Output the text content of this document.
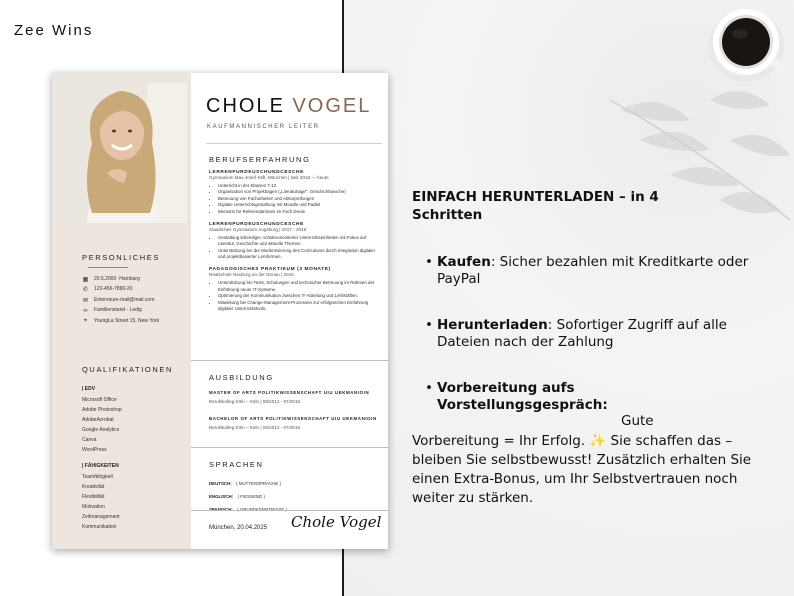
Zee Wins
PERSONLICHES
▦ 20.5.2000 -Hamburg
✆ 123-456-7890-20
✉ Entervoure-mail@mail.com
∞ Familienstand - Ledig
⌖	YoungLa Street 15, New York
QUALIFIKATIONEN
| EDV
Microsoft Office
Adobe Photoshop
AdobeAcrobat
Google Analytics
Canva
WordPress
| FÄHIGKEITEN
Teamfähigkeit
Kreativität
Flexibilität
Motivation
Zeitmanagement
Kommunikation
CHOLE VOGEL
KAUFMANNISCHER LEITER
BERUFSERFAHRUNG
LERRENPURDEUSCHUNDCESCHE
Gymnasium Max-Josef-Stift, München | Seit 2018 — heute
• Unterricht in der Klassen 7-12
• Organisation von Projekttagen („Literaturtage", Geschichtswoche)
• Betreuung von Facharbeiten und Abiturprüfungen
• Digitale Unterrichtsgestaltung mit Moodle und Padlet
• Mentorin für Referendarinnen im Fach Deute
LERRENPURDEUSCHUNDCESCHE
Staatliches Gymnasium Augsburg | 2017 - 2018
• Gestaltung lebendiger, schülerorientierter Unterrichtseinheiten mit Fokus auf Literatur, Geschichte und aktuelle Themen.
• Unterstützung bei der Modernisierung des Curriculums durch Integration digitaler und projektbasierter Lernformen.
PADAGOGISCHES PRAKTIKUM (3 MONATE)
Realschule Neuburg an der Donau | 2015
• Unterstützung bei Tests, Schulungen und technischer Betreuung im Rahmen der Einführung neuer IT-Systeme.
• Optimierung der Kommunikation zwischen IT-Abteilung und Lehrkräften.
• Mitwirkung bei Change-Management-Prozessen zur erfolgreichen Einführung digitaler Unterrichtstools.
AUSBILDUNG
MASTER OF ARTS POLITIKWISSENSCHAFT UIU UEKMANIOIN
Berufskolleg Köln – Köln | 08/2012 - 07/2015
BACHELOR OF ARTS POLITIKWISSENSCHAFT UIU UEKMANIOIN
Berufskolleg Köln – Köln | 08/2012 - 07/2015
SPRACHEN
DEUTSCH: ( MUTTERSPRACHE )
ENGLISCH: ( FIESSEND )
München, 20.04.2025 Chole Vogel
EINFACH HERUNTERLADEN – in 4 Schritten
• Kaufen: Sicher bezahlen mit Kreditkarte oder PayPal
• Herunterladen: Sofortiger Zugriff auf alle Dateien nach der Zahlung
• Vorbereitung aufs Vorstellungsgespräch:
Gute
Vorbereitung = Ihr Erfolg. ✨ Sie schaffen das – bleiben Sie selbstbewusst! Zusätzlich erhalten Sie einen Extra-Bonus, um Ihr Selbstvertrauen noch weiter zu stärken.
